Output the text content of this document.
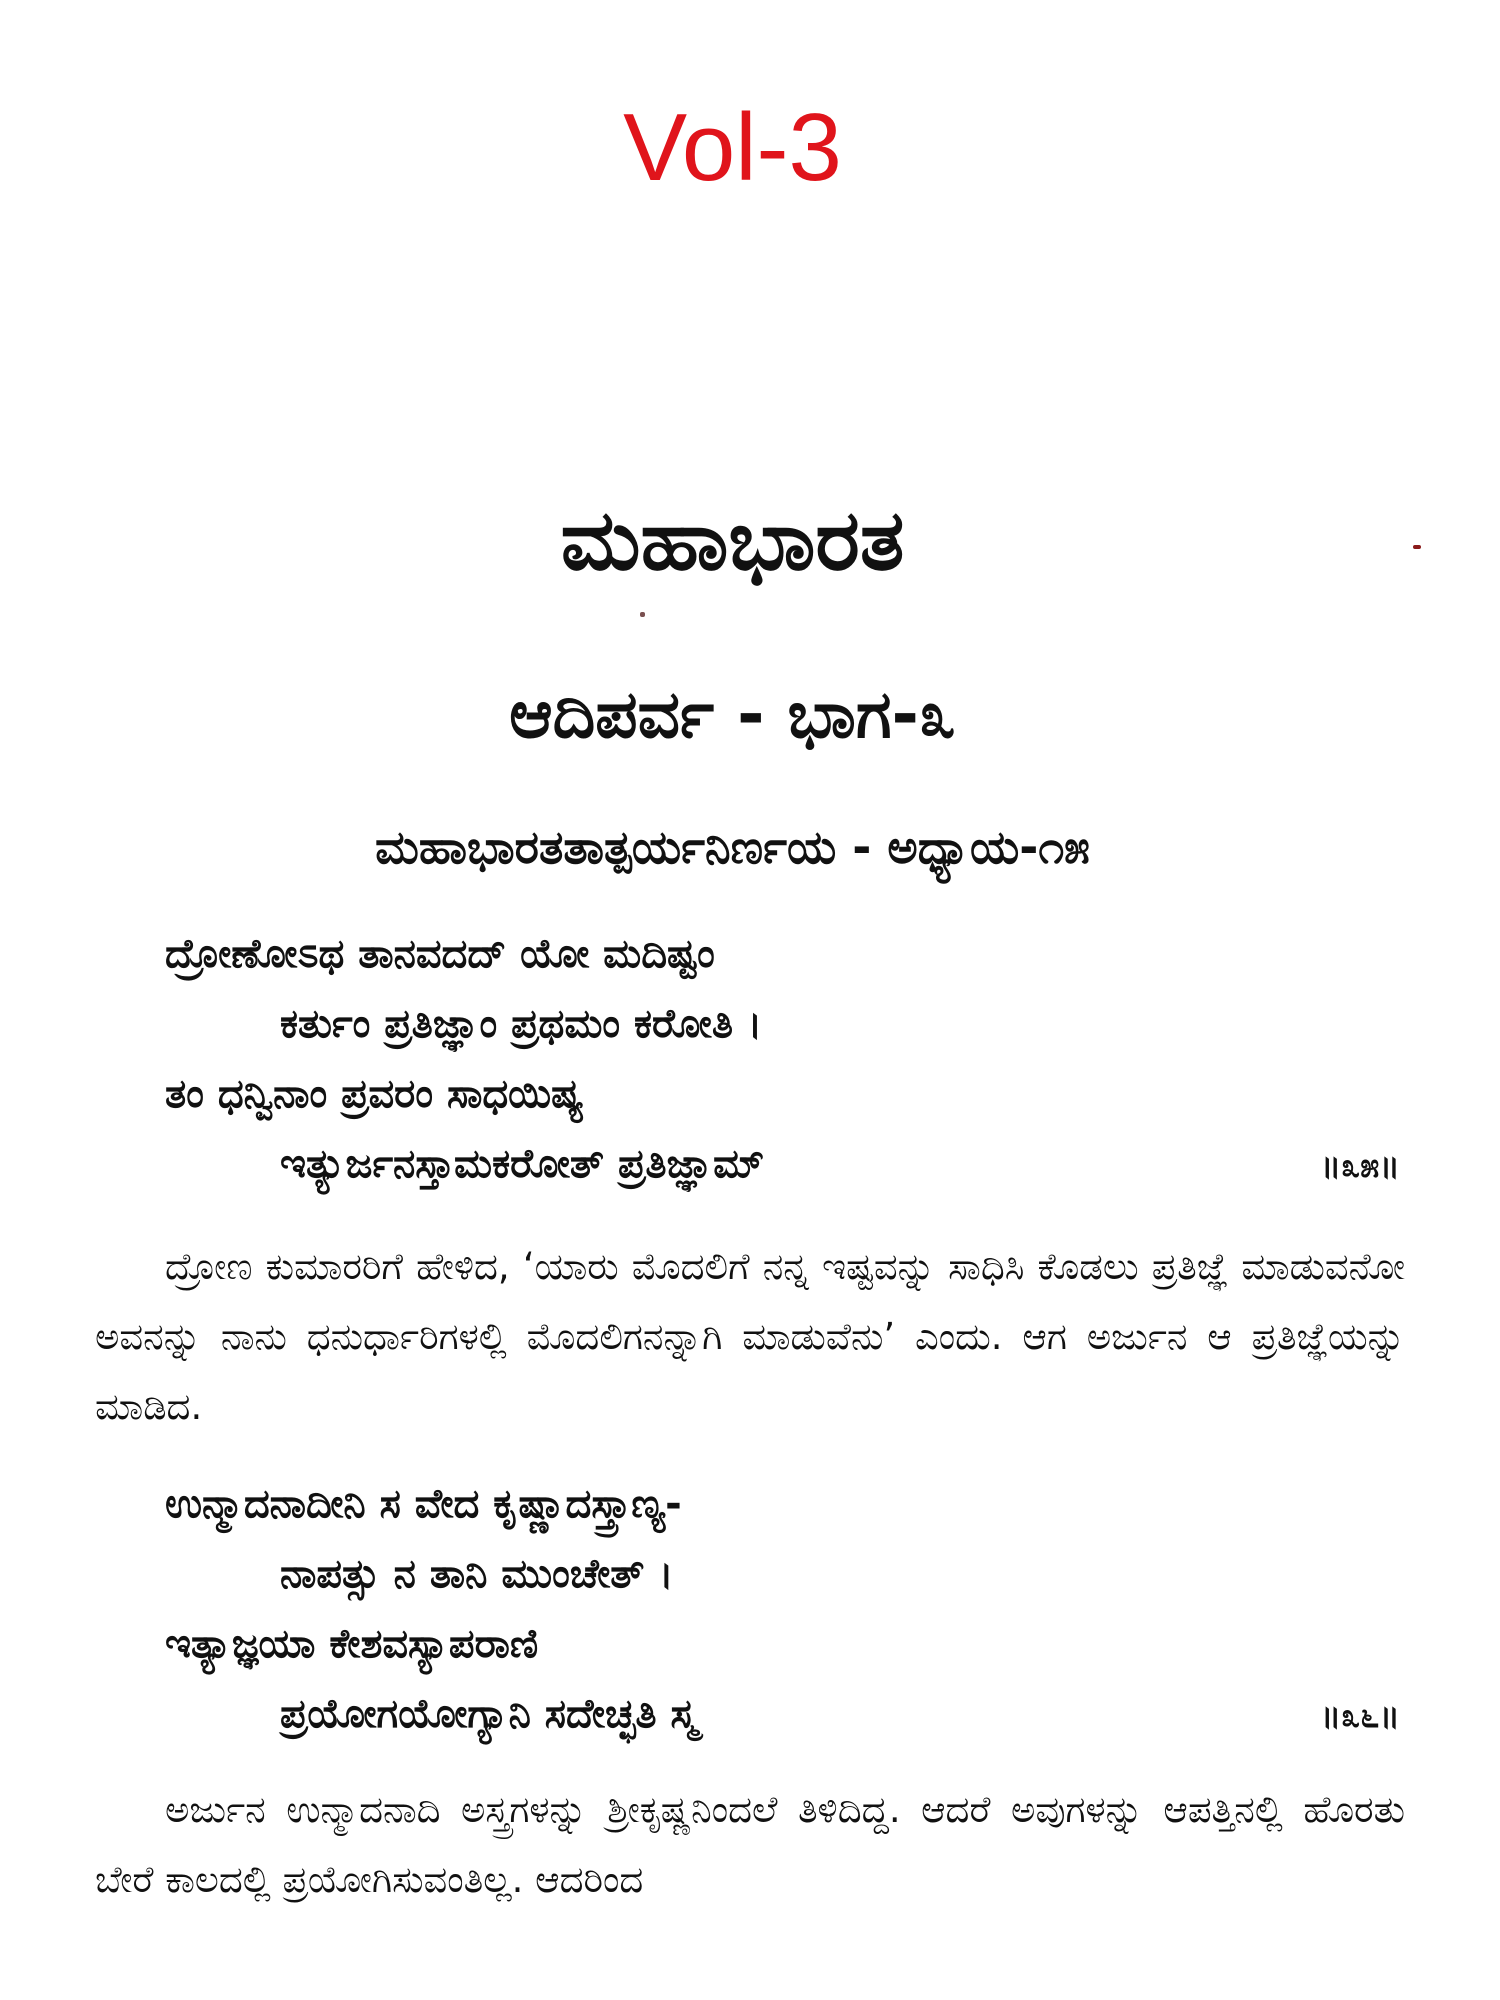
Vol-3
ಮಹಾಭಾರತ
ಆದಿಪರ್ವ - ಭಾಗ-೩
ಮಹಾಭಾರತತಾತ್ಪರ್ಯನಿರ್ಣಯ - ಅಧ್ಯಾಯ-೧೫
ದ್ರೋಣೋಽಥ ತಾನವದದ್ ಯೋ ಮದಿಷ್ಟಂ
ಕರ್ತುಂ ಪ್ರತಿಜ್ಞಾಂ ಪ್ರಥಮಂ ಕರೋತಿ ।
ತಂ ಧನ್ವಿನಾಂ ಪ್ರವರಂ ಸಾಧಯಿಷ್ಯ
ಇತ್ಯುರ್ಜನಸ್ತಾಮಕರೋತ್ ಪ್ರತಿಜ್ಞಾಮ್	॥೩೫॥
ದ್ರೋಣ ಕುಮಾರರಿಗೆ ಹೇಳಿದ, ‘ಯಾರು ಮೊದಲಿಗೆ ನನ್ನ ಇಷ್ಟವನ್ನು ಸಾಧಿಸಿ ಕೊಡಲು ಪ್ರತಿಜ್ಞೆ ಮಾಡುವನೋ ಅವನನ್ನು ನಾನು ಧನುರ್ಧಾರಿಗಳಲ್ಲಿ ಮೊದಲಿಗನನ್ನಾಗಿ ಮಾಡುವೆನು’ ಎಂದು. ಆಗ ಅರ್ಜುನ ಆ ಪ್ರತಿಜ್ಞೆಯನ್ನು ಮಾಡಿದ.
ಉನ್ಮಾದನಾದೀನಿ ಸ ವೇದ ಕೃಷ್ಣಾದಸ್ತ್ರಾಣ್ಯ-
ನಾಪತ್ಸು ನ ತಾನಿ ಮುಂಚೇತ್ ।
ಇತ್ಯಾಜ್ಞಯಾ ಕೇಶವಸ್ಯಾಪರಾಣಿ
ಪ್ರಯೋಗಯೋಗ್ಯಾನಿ ಸದೇಚ್ಛತಿ ಸ್ಮ	॥೩೬॥
ಅರ್ಜುನ ಉನ್ಮಾದನಾದಿ ಅಸ್ತ್ರಗಳನ್ನು ಶ್ರೀಕೃಷ್ಣನಿಂದಲೆ ತಿಳಿದಿದ್ದ. ಆದರೆ ಅವುಗಳನ್ನು ಆಪತ್ತಿನಲ್ಲಿ ಹೊರತು ಬೇರೆ ಕಾಲದಲ್ಲಿ ಪ್ರಯೋಗಿಸುವಂತಿಲ್ಲ. ಆದರಿಂದ
